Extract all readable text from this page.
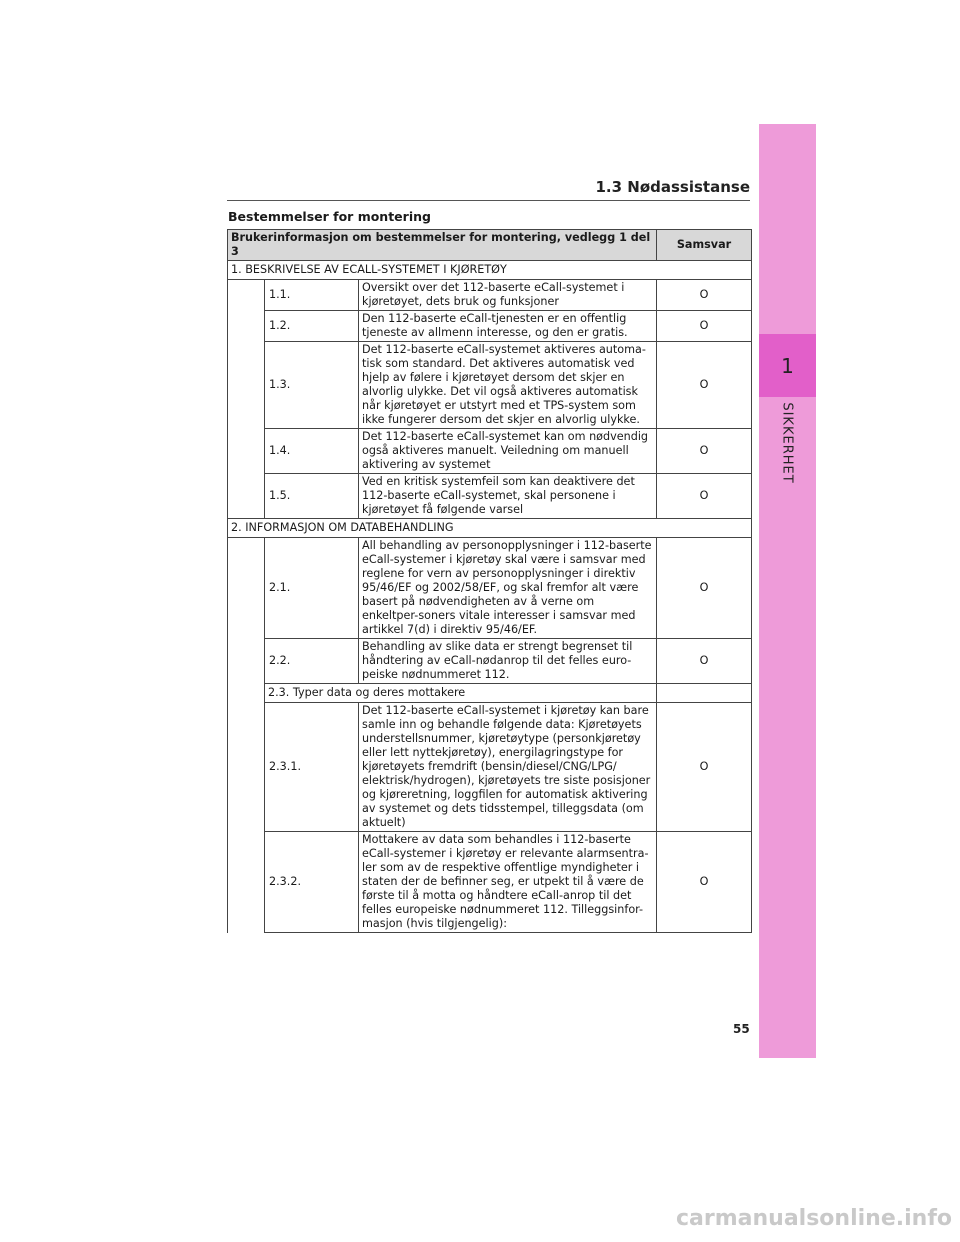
1
SIKKERHET
1.3 Nødassistanse
Bestemmelser for montering
Brukerinformasjon om bestemmelser for montering, vedlegg 1 del 3			Samsvar
1. BESKRIVELSE AV ECALL-SYSTEMET I KJØRETØY			
	1.1.	Oversikt over det 112-baserte eCall-systemet i kjøretøyet, dets bruk og funksjoner	O
	1.2.	Den 112-baserte eCall-tjenesten er en offentlig tjeneste av allmenn interesse, og den er gratis.	O
	1.3.	Det 112-baserte eCall-systemet aktiveres automa-tisk som standard. Det aktiveres automatisk ved hjelp av følere i kjøretøyet dersom det skjer en alvorlig ulykke. Det vil også aktiveres automatisk når kjøretøyet er utstyrt med et TPS-system som ikke fungerer dersom det skjer en alvorlig ulykke.	O
	1.4.	Det 112-baserte eCall-systemet kan om nødvendig også aktiveres manuelt. Veiledning om manuell aktivering av systemet	O
	1.5.	Ved en kritisk systemfeil som kan deaktivere det 112-baserte eCall-systemet, skal personene i kjøretøyet få følgende varsel	O
2. INFORMASJON OM DATABEHANDLING			
	2.1.	All behandling av personopplysninger i 112-baserte eCall-systemer i kjøretøy skal være i samsvar med reglene for vern av personopplysninger i direktiv 95/46/EF og 2002/58/EF, og skal fremfor alt være basert på nødvendigheten av å verne om enkeltper-soners vitale interesser i samsvar med artikkel 7(d) i direktiv 95/46/EF.	O
	2.2.	Behandling av slike data er strengt begrenset til håndtering av eCall-nødanrop til det felles euro-peiske nødnummeret 112.	O
	2.3. Typer data og deres mottakere		
	2.3.1.	Det 112-baserte eCall-systemet i kjøretøy kan bare samle inn og behandle følgende data: Kjøretøyets understellsnummer, kjøretøytype (personkjøretøy eller lett nyttekjøretøy), energilagringstype for kjøretøyets fremdrift (bensin/diesel/CNG/LPG/ elektrisk/hydrogen), kjøretøyets tre siste posisjoner og kjøreretning, loggfilen for automatisk aktivering av systemet og dets tidsstempel, tilleggsdata (om aktuelt)	O
	2.3.2.	Mottakere av data som behandles i 112-baserte eCall-systemer i kjøretøy er relevante alarmsentra-ler som av de respektive offentlige myndigheter i staten der de befinner seg, er utpekt til å være de første til å motta og håndtere eCall-anrop til det felles europeiske nødnummeret 112. Tilleggsinfor-masjon (hvis tilgjengelig):	O
55
carmanualsonline.info
